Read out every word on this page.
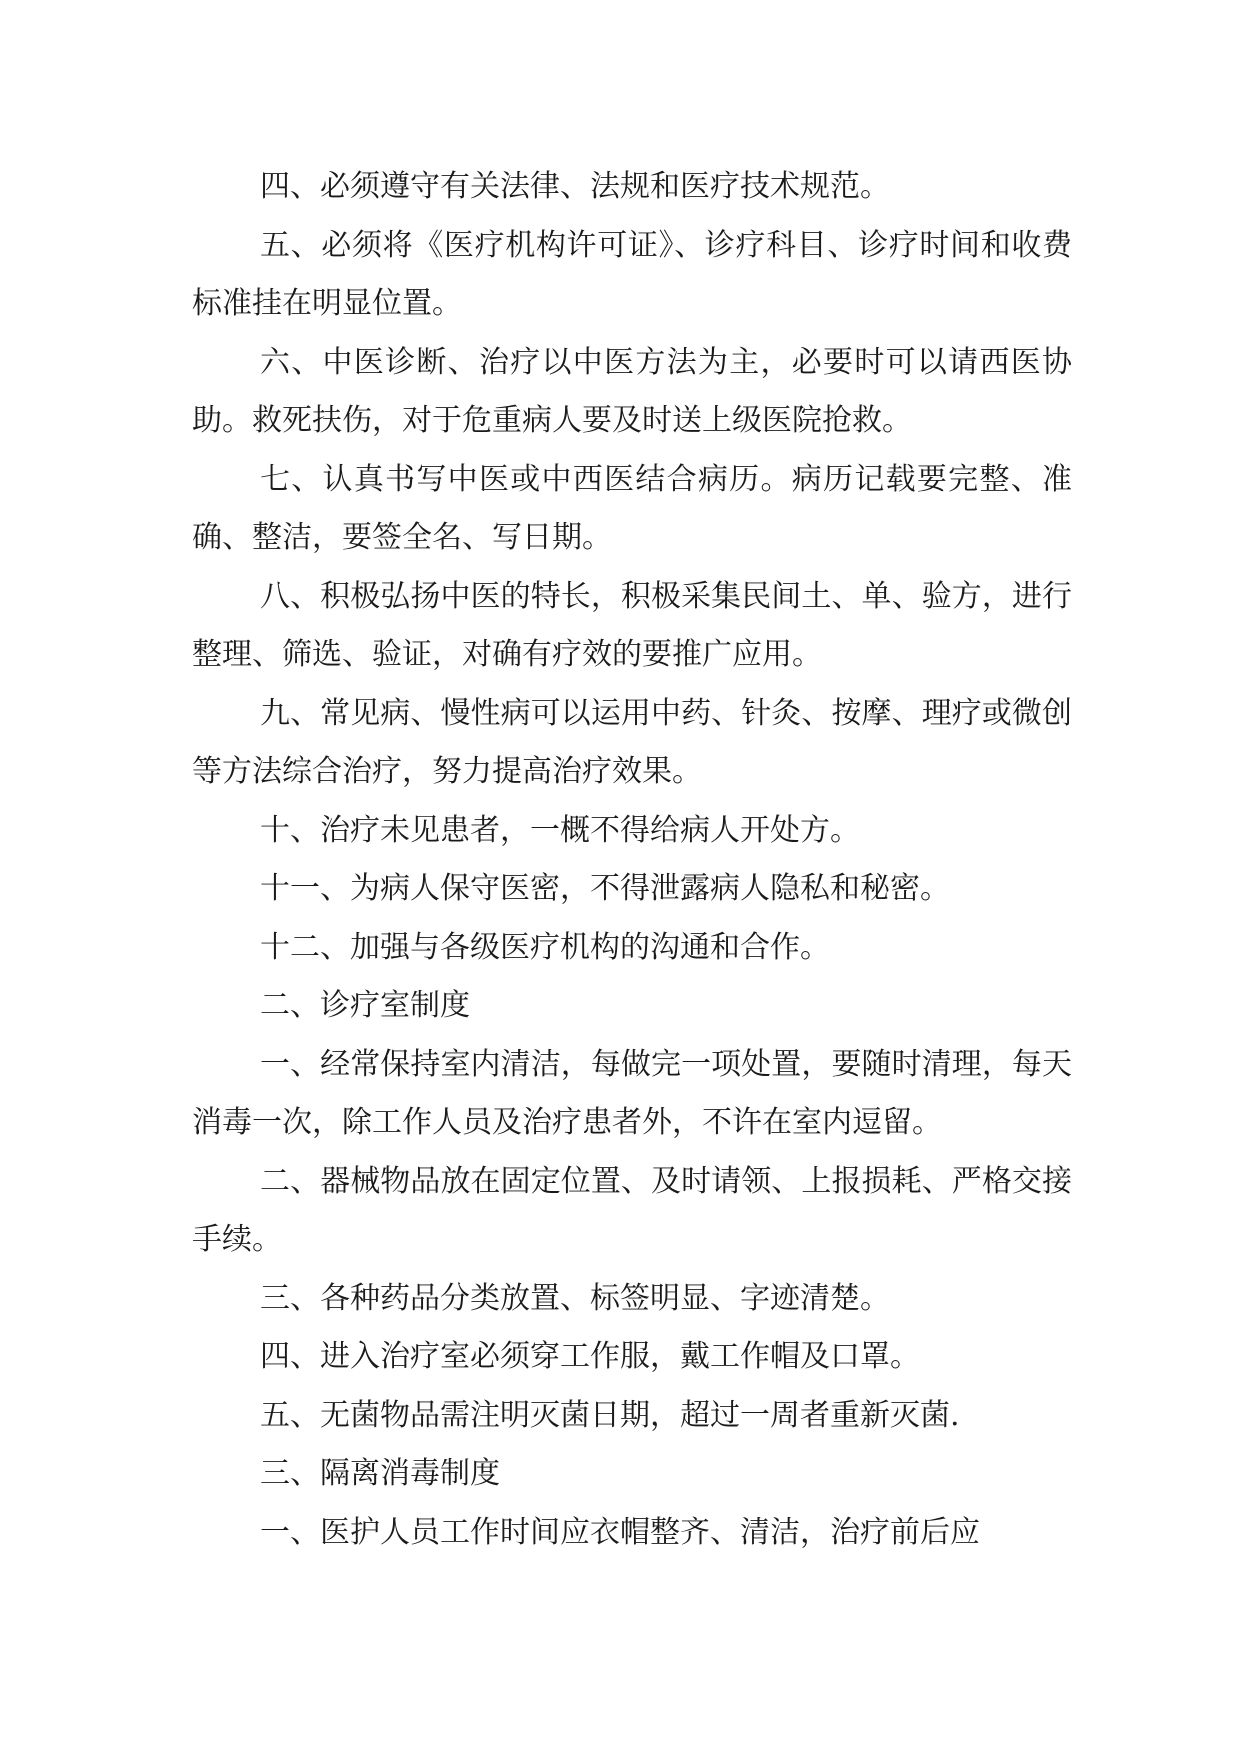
四、必须遵守有关法律、法规和医疗技术规范。

五、必须将《医疗机构许可证》、诊疗科目、诊疗时间和收费标准挂在明显位置。

六、中医诊断、治疗以中医方法为主，必要时可以请西医协助。救死扶伤，对于危重病人要及时送上级医院抢救。

七、认真书写中医或中西医结合病历。病历记载要完整、准确、整洁，要签全名、写日期。

八、积极弘扬中医的特长，积极采集民间土、单、验方，进行整理、筛选、验证，对确有疗效的要推广应用。

九、常见病、慢性病可以运用中药、针灸、按摩、理疗或微创等方法综合治疗，努力提高治疗效果。

十、治疗未见患者，一概不得给病人开处方。

十一、为病人保守医密，不得泄露病人隐私和秘密。

十二、加强与各级医疗机构的沟通和合作。

二、诊疗室制度

一、经常保持室内清洁，每做完一项处置，要随时清理，每天消毒一次，除工作人员及治疗患者外，不许在室内逗留。

二、器械物品放在固定位置、及时请领、上报损耗、严格交接手续。

三、各种药品分类放置、标签明显、字迹清楚。

四、进入治疗室必须穿工作服，戴工作帽及口罩。

五、无菌物品需注明灭菌日期，超过一周者重新灭菌.

三、隔离消毒制度

一、医护人员工作时间应衣帽整齐、清洁，治疗前后应
